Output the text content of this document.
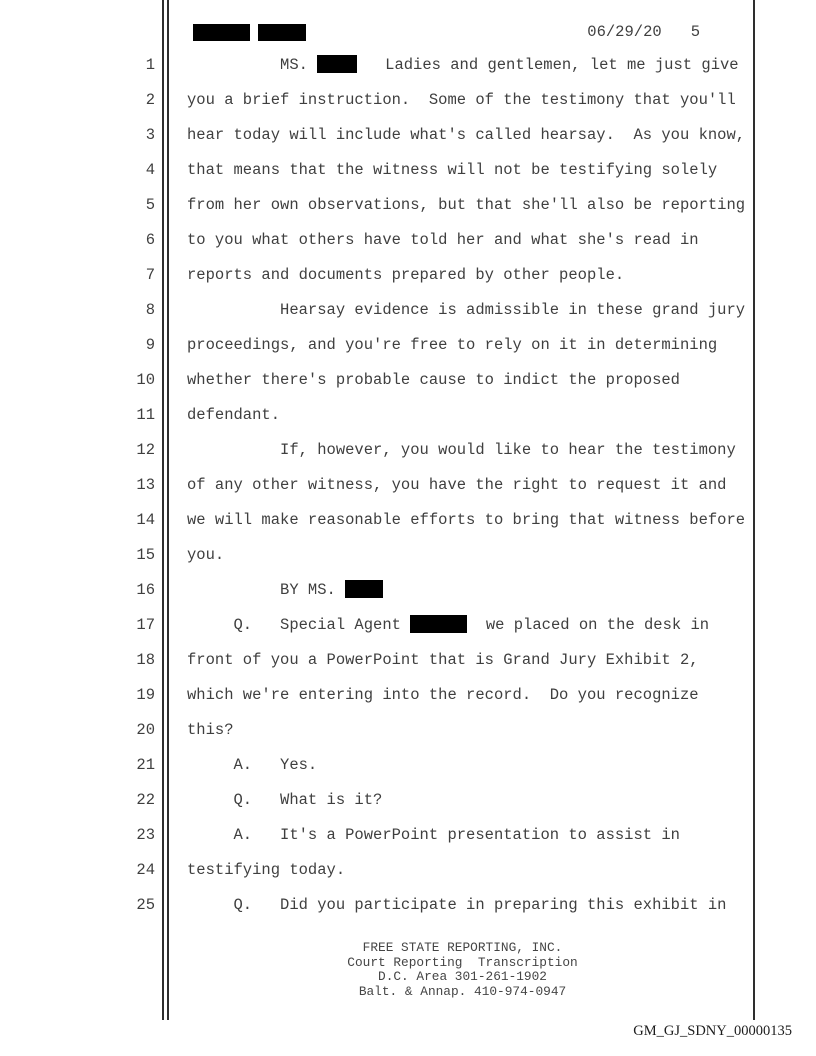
06/29/20 5
1 MS.	Ladies and gentlemen, let me just give
2 you a brief instruction.  Some of the testimony that you'll
3 hear today will include what's called hearsay.  As you know,
4 that means that the witness will not be testifying solely
5 from her own observations, but that she'll also be reporting
6 to you what others have told her and what she's read in
7 reports and documents prepared by other people.
8 Hearsay evidence is admissible in these grand jury
9 proceedings, and you're free to rely on it in determining
10 whether there's probable cause to indict the proposed
11 defendant.
12 If, however, you would like to hear the testimony
13 of any other witness, you have the right to request it and
14 we will make reasonable efforts to bring that witness before
15 you.
16 BY MS.
17 Q.   Special Agent	we placed on the desk in
18 front of you a PowerPoint that is Grand Jury Exhibit 2,
19 which we're entering into the record.  Do you recognize
20 this?
21 A.   Yes.
22 Q.   What is it?
23 A.   It's a PowerPoint presentation to assist in
24 testifying today.
25 Q.   Did you participate in preparing this exhibit in
FREE STATE REPORTING, INC.
Court Reporting  Transcription
D.C. Area 301-261-1902
Balt. & Annap. 410-974-0947
GM_GJ_SDNY_00000135
